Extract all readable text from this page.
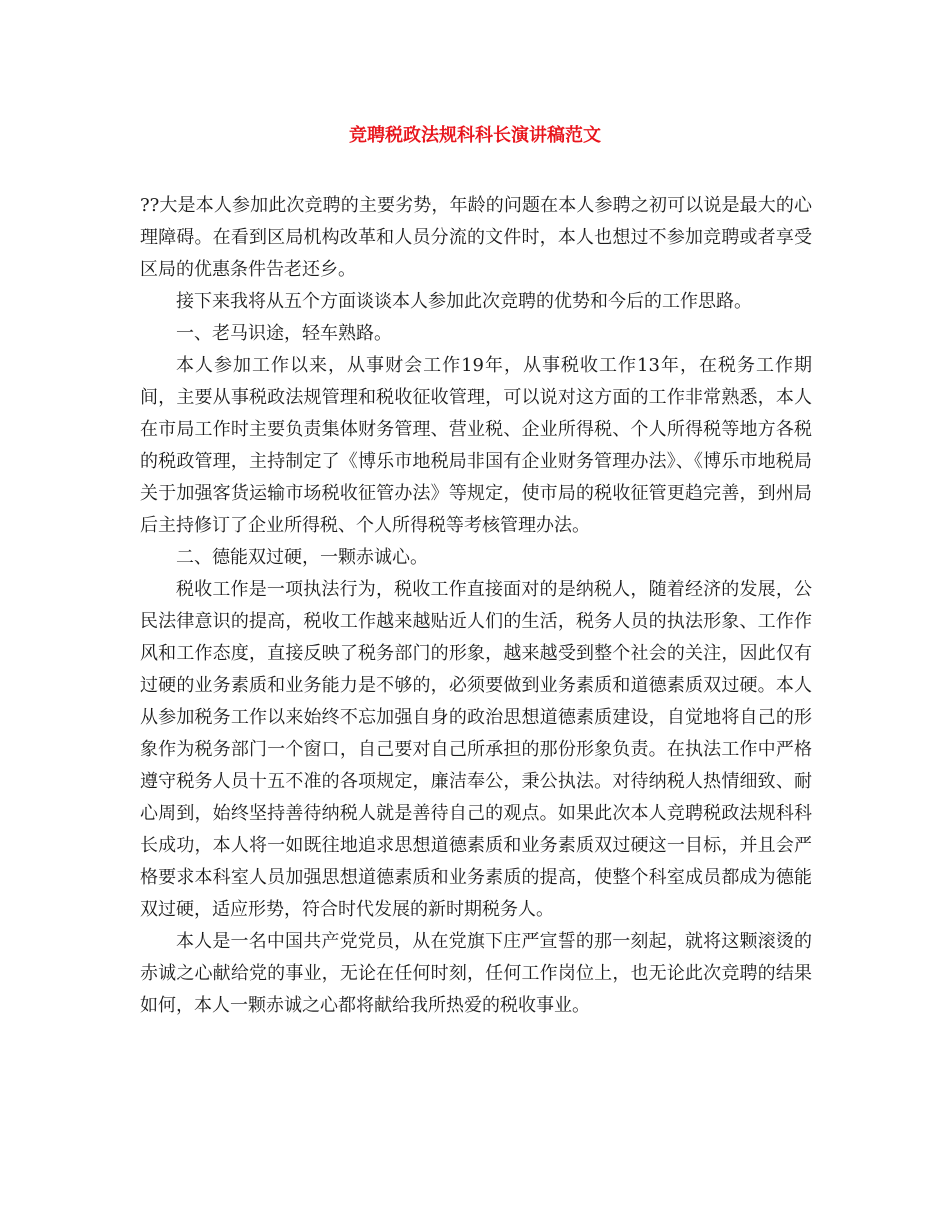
竞聘税政法规科科长演讲稿范文

??大是本人参加此次竞聘的主要劣势，年龄的问题在本人参聘之初可以说是最大的心理障碍。在看到区局机构改革和人员分流的文件时，本人也想过不参加竞聘或者享受区局的优惠条件告老还乡。

接下来我将从五个方面谈谈本人参加此次竞聘的优势和今后的工作思路。

一、老马识途，轻车熟路。

本人参加工作以来，从事财会工作19年，从事税收工作13年，在税务工作期间，主要从事税政法规管理和税收征收管理，可以说对这方面的工作非常熟悉，本人在市局工作时主要负责集体财务管理、营业税、企业所得税、个人所得税等地方各税的税政管理，主持制定了《博乐市地税局非国有企业财务管理办法》、《博乐市地税局关于加强客货运输市场税收征管办法》等规定，使市局的税收征管更趋完善，到州局后主持修订了企业所得税、个人所得税等考核管理办法。

二、德能双过硬，一颗赤诚心。

税收工作是一项执法行为，税收工作直接面对的是纳税人，随着经济的发展，公民法律意识的提高，税收工作越来越贴近人们的生活，税务人员的执法形象、工作作风和工作态度，直接反映了税务部门的形象，越来越受到整个社会的关注，因此仅有过硬的业务素质和业务能力是不够的，必须要做到业务素质和道德素质双过硬。本人从参加税务工作以来始终不忘加强自身的政治思想道德素质建设，自觉地将自己的形象作为税务部门一个窗口，自己要对自己所承担的那份形象负责。在执法工作中严格遵守税务人员十五不准的各项规定，廉洁奉公，秉公执法。对待纳税人热情细致、耐心周到，始终坚持善待纳税人就是善待自己的观点。如果此次本人竞聘税政法规科科长成功，本人将一如既往地追求思想道德素质和业务素质双过硬这一目标，并且会严格要求本科室人员加强思想道德素质和业务素质的提高，使整个科室成员都成为德能双过硬，适应形势，符合时代发展的新时期税务人。

本人是一名中国共产党党员，从在党旗下庄严宣誓的那一刻起，就将这颗滚烫的赤诚之心献给党的事业，无论在任何时刻，任何工作岗位上，也无论此次竞聘的结果如何，本人一颗赤诚之心都将献给我所热爱的税收事业。
